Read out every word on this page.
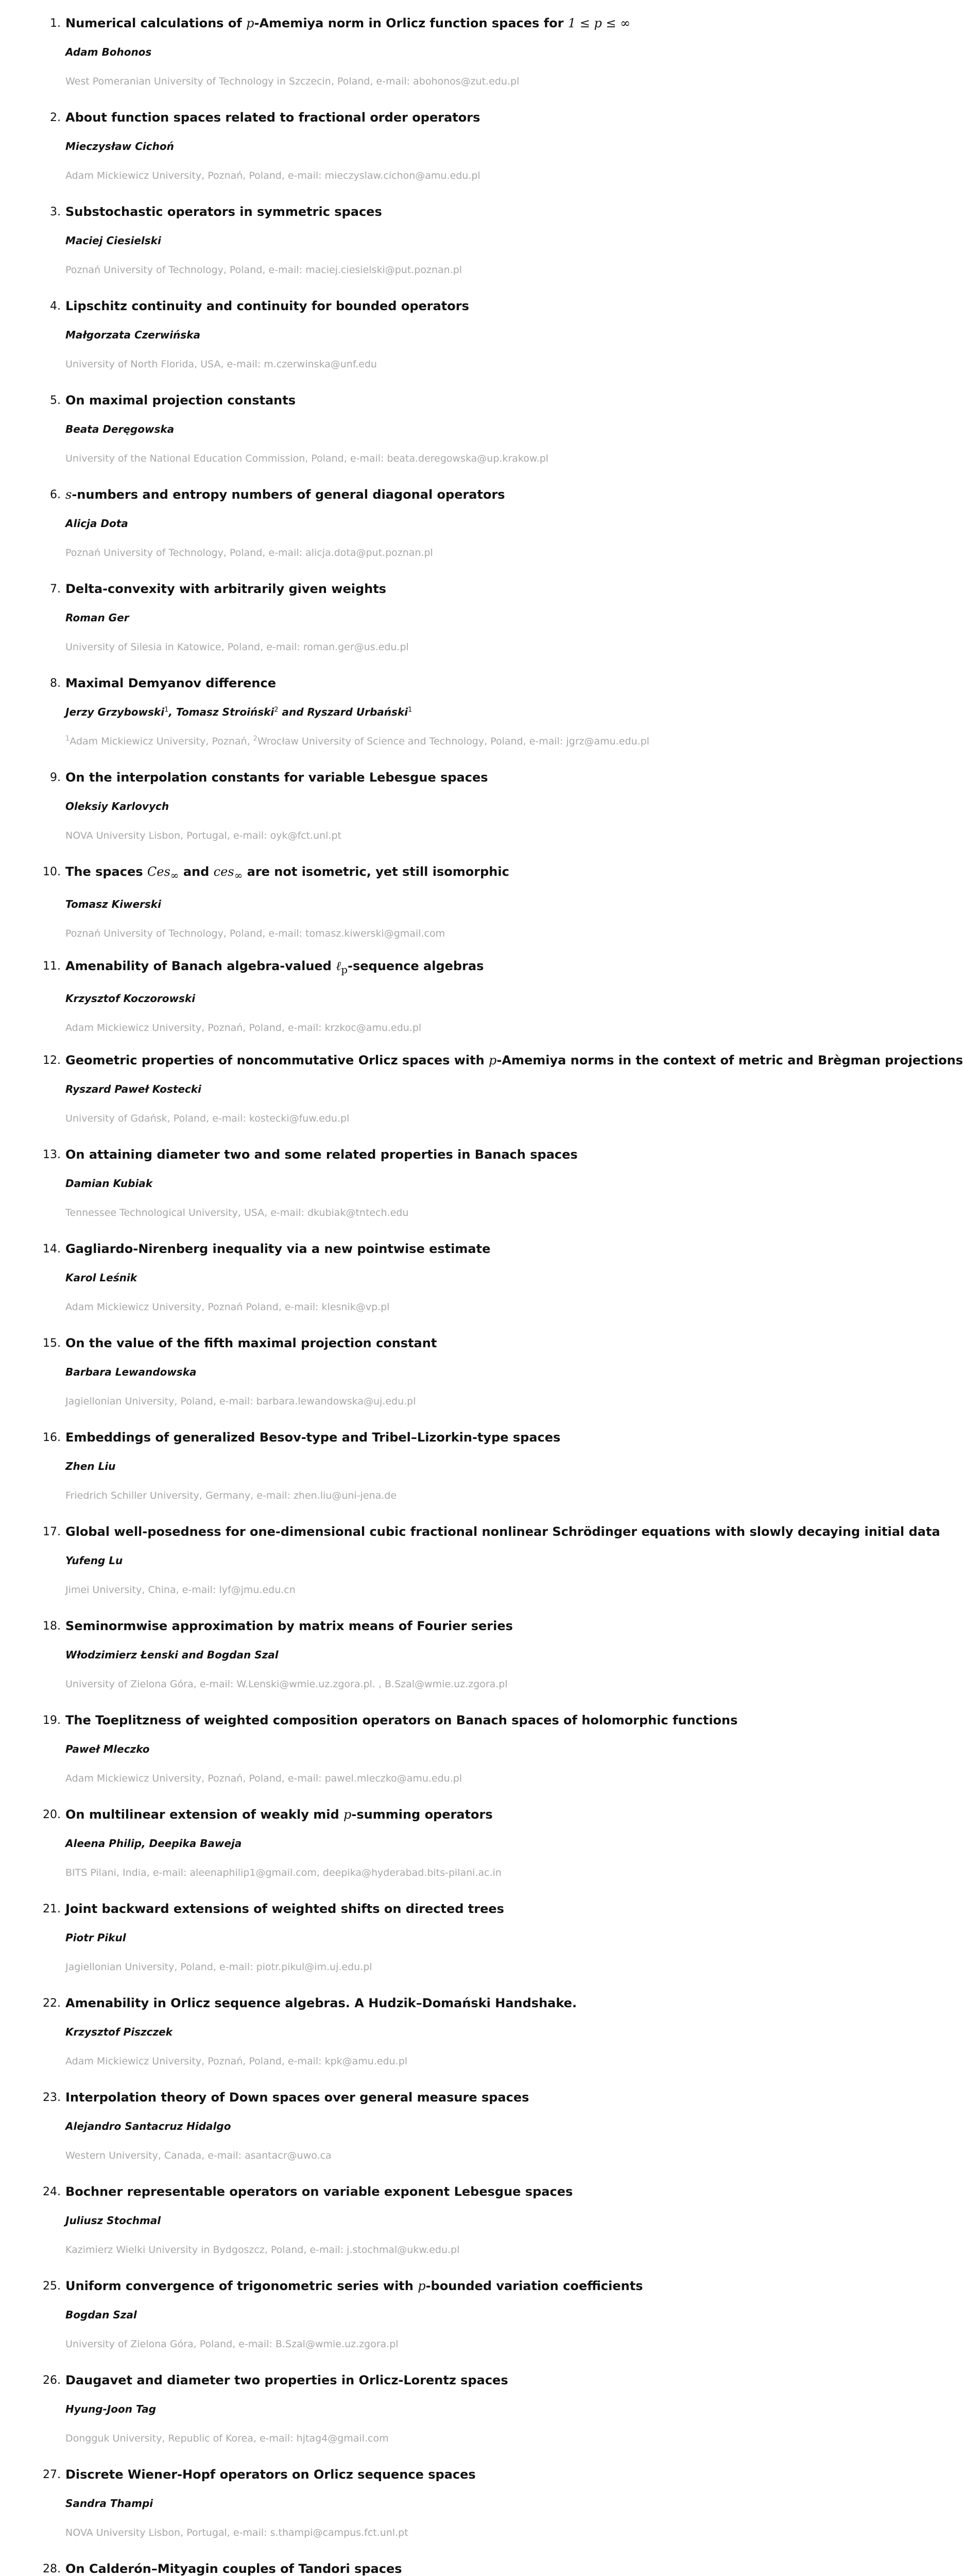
1. Numerical calculations of p-Amemiya norm in Orlicz function spaces for 1 ≤ p ≤ ∞
Adam Bohonos
West Pomeranian University of Technology in Szczecin, Poland, e-mail: abohonos@zut.edu.pl
2. About function spaces related to fractional order operators
Mieczysław Cichoń
Adam Mickiewicz University, Poznań, Poland, e-mail: mieczyslaw.cichon@amu.edu.pl
3. Substochastic operators in symmetric spaces
Maciej Ciesielski
Poznań University of Technology, Poland, e-mail: maciej.ciesielski@put.poznan.pl
4. Lipschitz continuity and continuity for bounded operators
Małgorzata Czerwińska
University of North Florida, USA, e-mail: m.czerwinska@unf.edu
5. On maximal projection constants
Beata Deręgowska
University of the National Education Commission, Poland, e-mail: beata.deregowska@up.krakow.pl
6. s-numbers and entropy numbers of general diagonal operators
Alicja Dota
Poznań University of Technology, Poland, e-mail: alicja.dota@put.poznan.pl
7. Delta-convexity with arbitrarily given weights
Roman Ger
University of Silesia in Katowice, Poland, e-mail: roman.ger@us.edu.pl
8. Maximal Demyanov difference
Jerzy Grzybowski$^1$, Tomasz Stroiński$^2$ and Ryszard Urbański$^1$
$^1$Adam Mickiewicz University, Poznań, $^2$Wrocław University of Science and Technology, Poland, e-mail: jgrz@amu.edu.pl
9. On the interpolation constants for variable Lebesgue spaces
Oleksiy Karlovych
NOVA University Lisbon, Portugal, e-mail: oyk@fct.unl.pt
10. The spaces Ces$_\infty$ and ces$_\infty$ are not isometric, yet still isomorphic
Tomasz Kiwerski
Poznań University of Technology, Poland, e-mail: tomasz.kiwerski@gmail.com
11. Amenability of Banach algebra-valued ℓ$_p$-sequence algebras
Krzysztof Koczorowski
Adam Mickiewicz University, Poznań, Poland, e-mail: krzkoc@amu.edu.pl
12. Geometric properties of noncommutative Orlicz spaces with p-Amemiya norms in the context of metric and Brègman projections
Ryszard Paweł Kostecki
University of Gdańsk, Poland, e-mail: kostecki@fuw.edu.pl
13. On attaining diameter two and some related properties in Banach spaces
Damian Kubiak
Tennessee Technological University, USA, e-mail: dkubiak@tntech.edu
14. Gagliardo-Nirenberg inequality via a new pointwise estimate
Karol Leśnik
Adam Mickiewicz University, Poznań Poland, e-mail: klesnik@vp.pl
15. On the value of the fifth maximal projection constant
Barbara Lewandowska
Jagiellonian University, Poland, e-mail: barbara.lewandowska@uj.edu.pl
16. Embeddings of generalized Besov-type and Tribel–Lizorkin-type spaces
Zhen Liu
Friedrich Schiller University, Germany, e-mail: zhen.liu@uni-jena.de
17. Global well-posedness for one-dimensional cubic fractional nonlinear Schrödinger equations with slowly decaying initial data
Yufeng Lu
Jimei University, China, e-mail: lyf@jmu.edu.cn
18. Seminormwise approximation by matrix means of Fourier series
Włodzimierz Łenski and Bogdan Szal
University of Zielona Góra, e-mail: W.Lenski@wmie.uz.zgora.pl. , B.Szal@wmie.uz.zgora.pl
19. The Toeplitzness of weighted composition operators on Banach spaces of holomorphic functions
Paweł Mleczko
Adam Mickiewicz University, Poznań, Poland, e-mail: pawel.mleczko@amu.edu.pl
20. On multilinear extension of weakly mid p-summing operators
Aleena Philip, Deepika Baweja
BITS Pilani, India, e-mail: aleenaphilip1@gmail.com, deepika@hyderabad.bits-pilani.ac.in
21. Joint backward extensions of weighted shifts on directed trees
Piotr Pikul
Jagiellonian University, Poland, e-mail: piotr.pikul@im.uj.edu.pl
22. Amenability in Orlicz sequence algebras. A Hudzik–Domański Handshake.
Krzysztof Piszczek
Adam Mickiewicz University, Poznań, Poland, e-mail: kpk@amu.edu.pl
23. Interpolation theory of Down spaces over general measure spaces
Alejandro Santacruz Hidalgo
Western University, Canada, e-mail: asantacr@uwo.ca
24. Bochner representable operators on variable exponent Lebesgue spaces
Juliusz Stochmal
Kazimierz Wielki University in Bydgoszcz, Poland, e-mail: j.stochmal@ukw.edu.pl
25. Uniform convergence of trigonometric series with p-bounded variation coefficients
Bogdan Szal
University of Zielona Góra, Poland, e-mail: B.Szal@wmie.uz.zgora.pl
26. Daugavet and diameter two properties in Orlicz-Lorentz spaces
Hyung-Joon Tag
Dongguk University, Republic of Korea, e-mail: hjtag4@gmail.com
27. Discrete Wiener-Hopf operators on Orlicz sequence spaces
Sandra Thampi
NOVA University Lisbon, Portugal, e-mail: s.thampi@campus.fct.unl.pt
28. On Calderón–Mityagin couples of Tandori spaces
